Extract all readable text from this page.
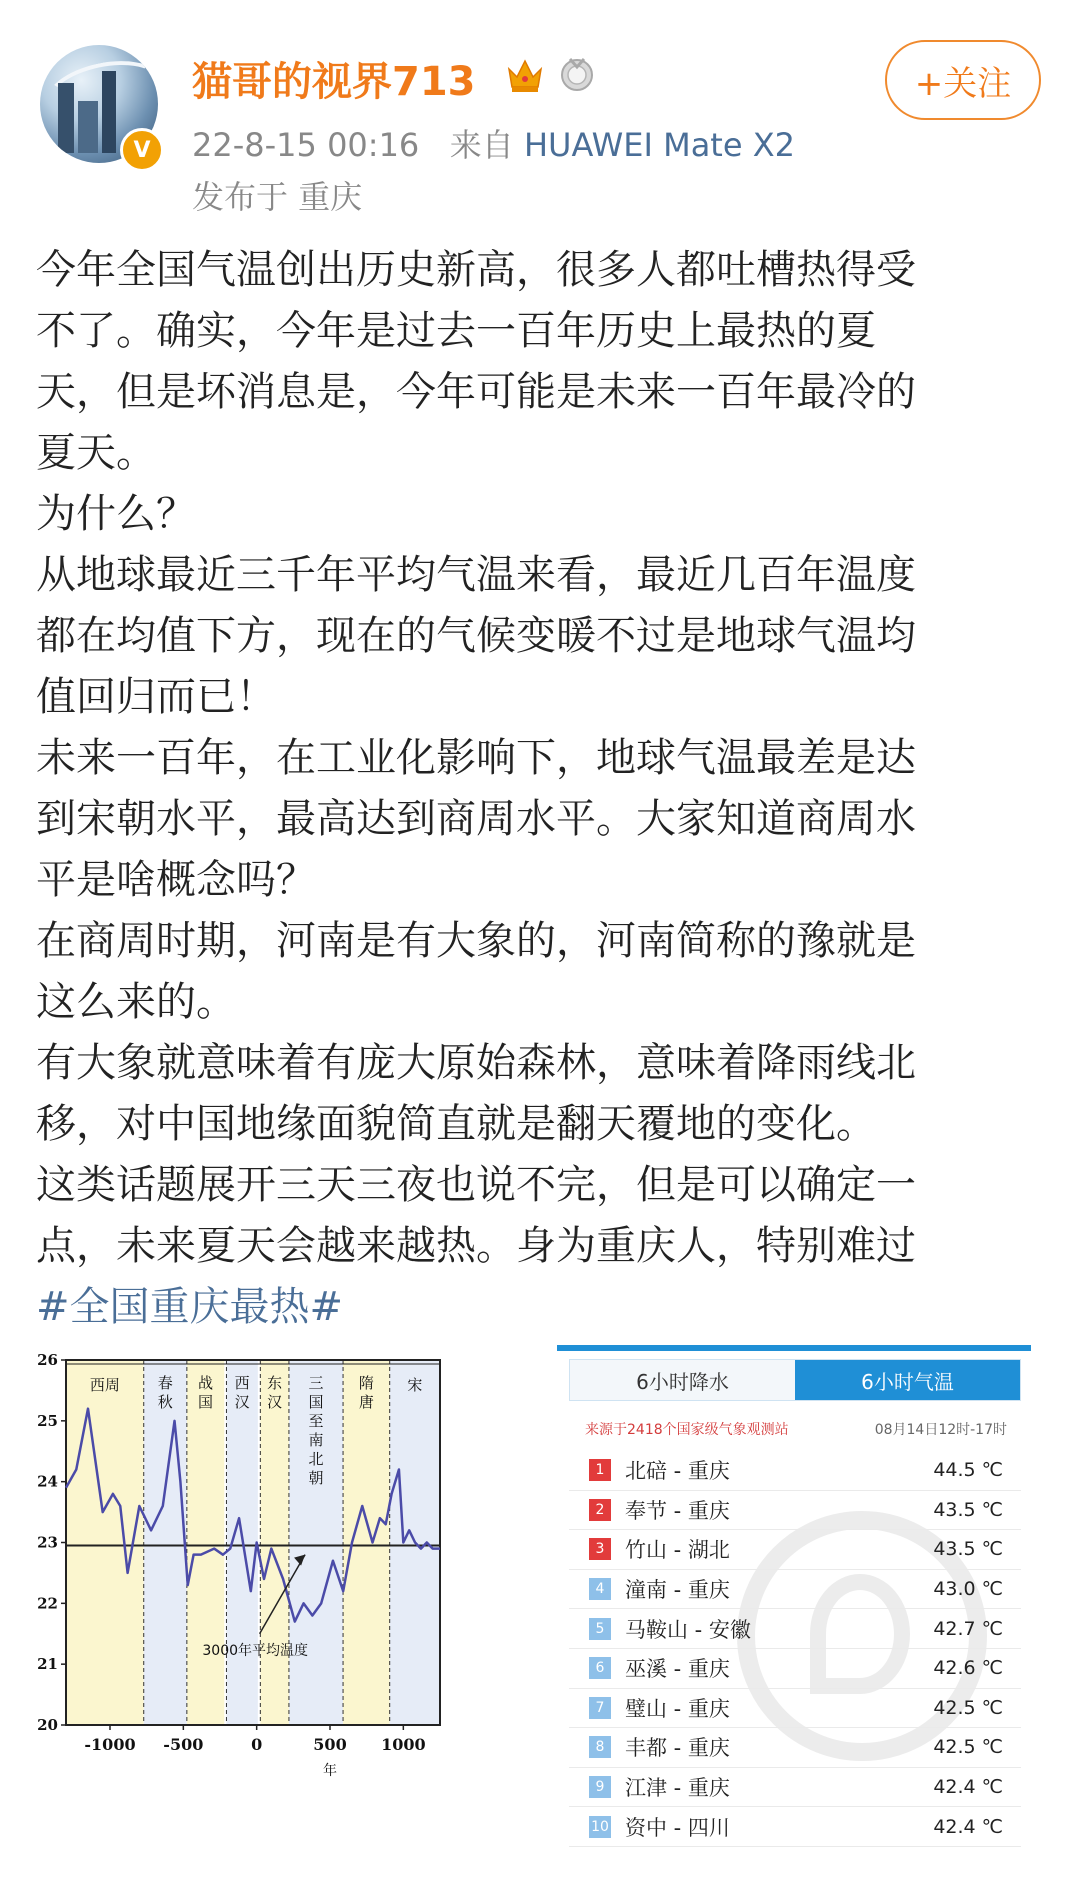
V
猫哥的视界713
22-8-15 00:16 来自 HUAWEI Mate X2
发布于 重庆
+关注

今年全国气温创出历史新高，很多人都吐槽热得受
不了。确实，今年是过去一百年历史上最热的夏
天，但是坏消息是，今年可能是未来一百年最冷的
夏天。

为什么？

从地球最近三千年平均气温来看，最近几百年温度
都在均值下方，现在的气候变暖不过是地球气温均
值回归而已！

未来一百年，在工业化影响下，地球气温最差是达
到宋朝水平，最高达到商周水平。大家知道商周水
平是啥概念吗？

在商周时期，河南是有大象的，河南简称的豫就是
这么来的。

有大象就意味着有庞大原始森林，意味着降雨线北
移，对中国地缘面貌简直就是翻天覆地的变化。

这类话题展开三天三夜也说不完，但是可以确定一
点，未来夏天会越来越热。身为重庆人，特别难过

#全国重庆最热#

西周	春
秋
战
国
西
汉
东
汉
三
国
至
南
北
朝
隋
唐
宋
20
21
22
23
24
25
26
-1000 -500	0	500 1000
年
3000年平均温度
6小时降水	6小时气温
来源于2418个国家级气象观测站	08月14日12时-17时
1 北碚 - 重庆	44.5 ℃
2 奉节 - 重庆	43.5 ℃
3 竹山 - 湖北	43.5 ℃
4 潼南 - 重庆	43.0 ℃
5 马鞍山 - 安徽	42.7 ℃
6 巫溪 - 重庆	42.6 ℃
7 璧山 - 重庆	42.5 ℃
8 丰都 - 重庆	42.5 ℃
9 江津 - 重庆	42.4 ℃
10 资中 - 四川	42.4 ℃
